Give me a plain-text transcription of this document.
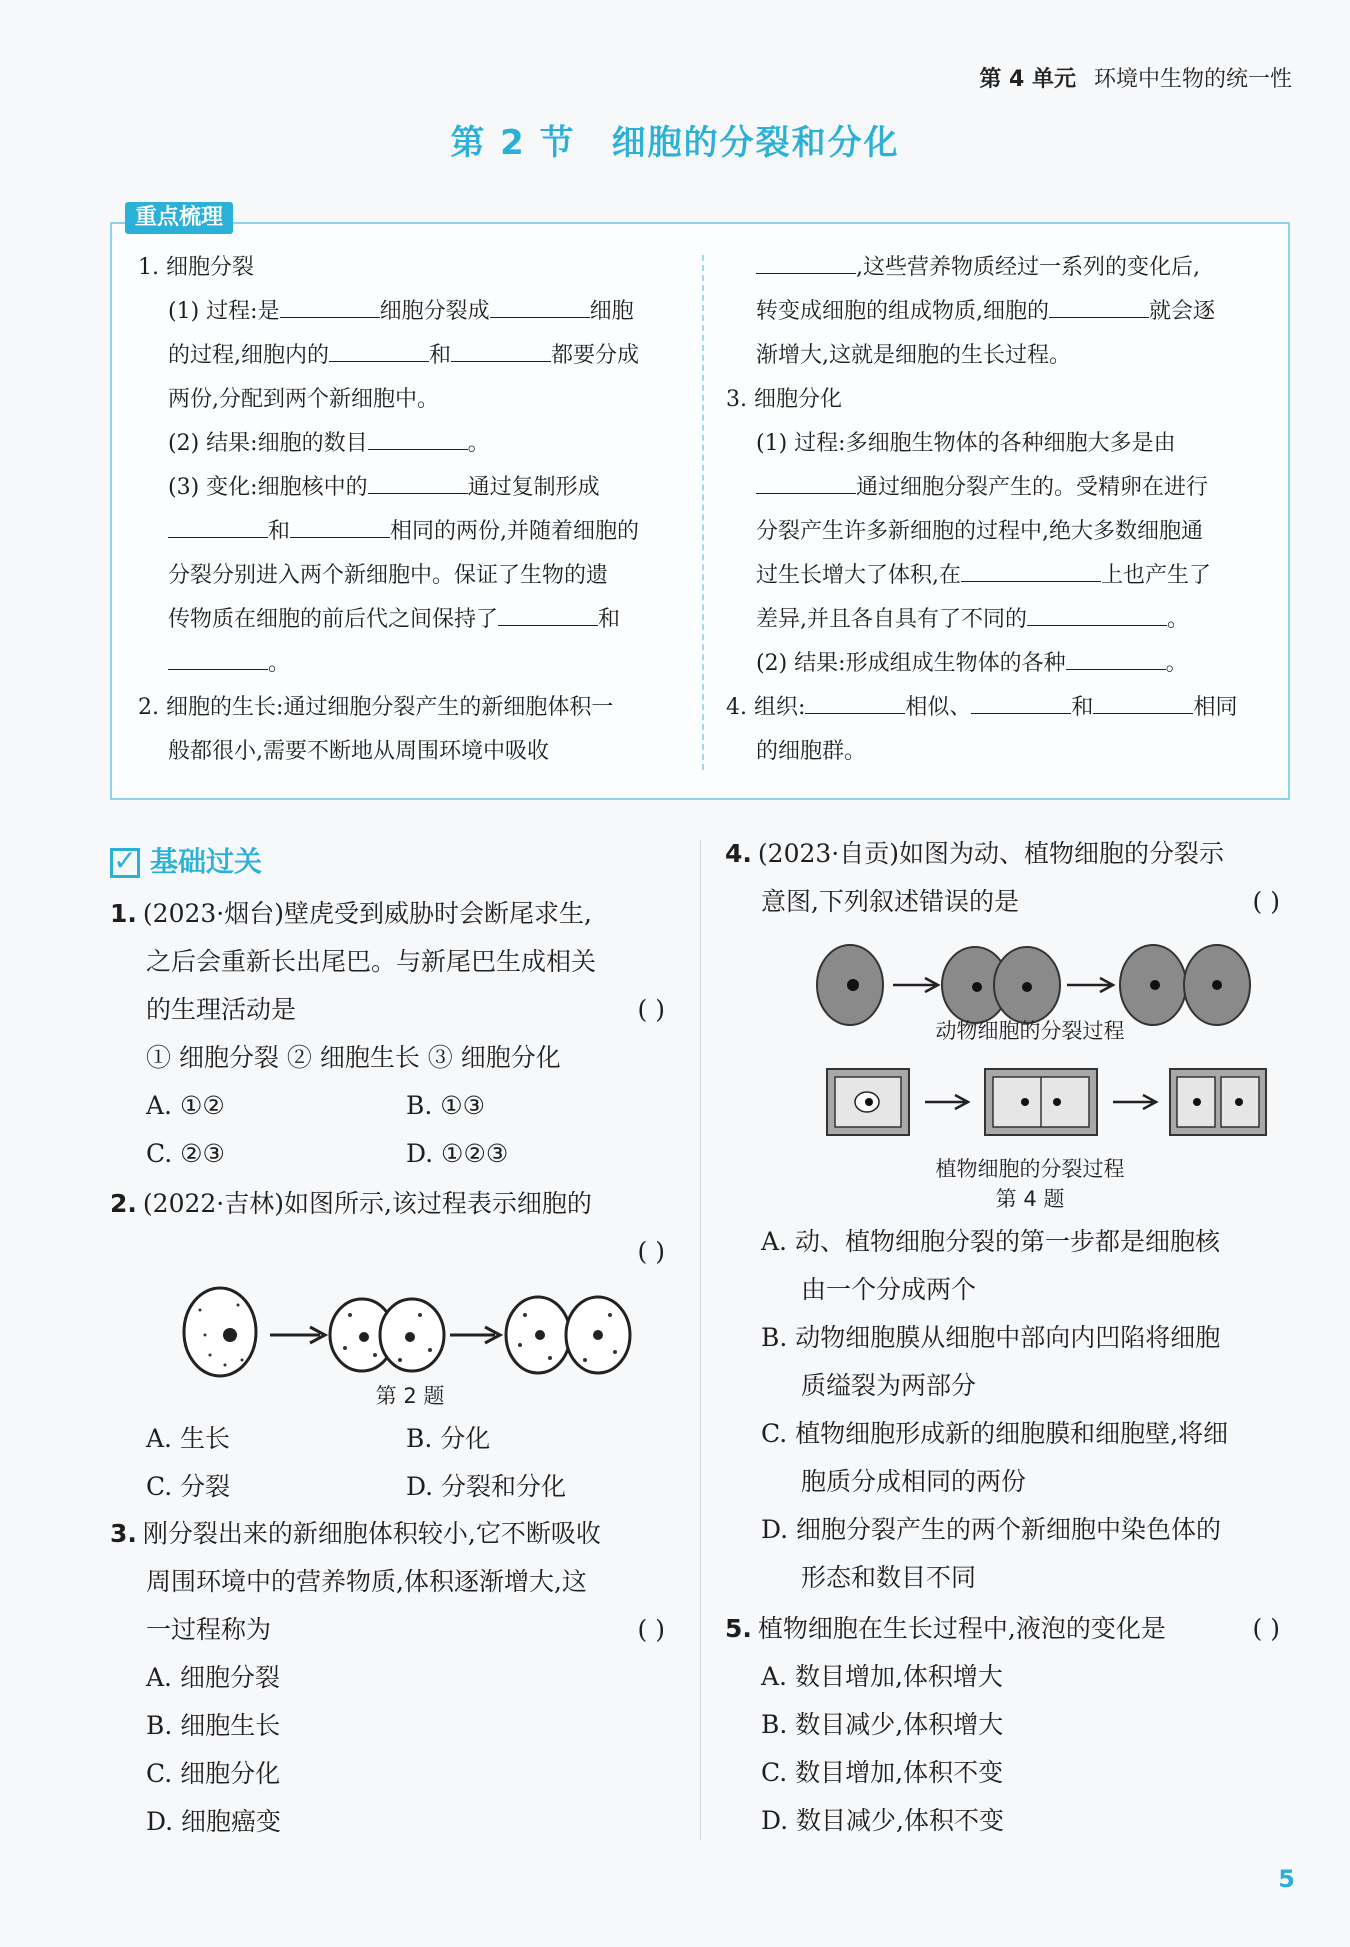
第 4 单元 环境中生物的统一性
第 2 节 细胞的分裂和分化
重点梳理

1. 细胞分裂

(1) 过程:是	细胞分裂成	细胞

的过程,细胞内的	和	都要分成

两份,分配到两个新细胞中。

(2) 结果:细胞的数目	。

(3) 变化:细胞核中的	通过复制形成

和	相同的两份,并随着细胞的

分裂分别进入两个新细胞中。保证了生物的遗

传物质在细胞的前后代之间保持了	和

。

2. 细胞的生长:通过细胞分裂产生的新细胞体积一

般都很小,需要不断地从周围环境中吸收

,这些营养物质经过一系列的变化后,

转变成细胞的组成物质,细胞的	就会逐

渐增大,这就是细胞的生长过程。

3. 细胞分化

(1) 过程:多细胞生物体的各种细胞大多是由

通过细胞分裂产生的。受精卵在进行

分裂产生许多新细胞的过程中,绝大多数细胞通

过生长增大了体积,在	上也产生了

差异,并且各自具有了不同的	。

(2) 结果:形成组成生物体的各种	。

4. 组织:	相似、	和	相同

的细胞群。

✓ 基础过关

1. (2023·烟台)壁虎受到威胁时会断尾求生,

之后会重新长出尾巴。与新尾巴生成相关

的生理活动是	( )

① 细胞分裂 ② 细胞生长 ③ 细胞分化

A. ①②	B. ①③
C. ②③	D. ①②③

2. (2022·吉林)如图所示,该过程表示细胞的

( )

第 2 题
A. 生长	B. 分化
C. 分裂	D. 分裂和分化

3. 刚分裂出来的新细胞体积较小,它不断吸收

周围环境中的营养物质,体积逐渐增大,这

一过程称为	( )

A. 细胞分裂

B. 细胞生长

C. 细胞分化

D. 细胞癌变

4. (2023·自贡)如图为动、植物细胞的分裂示

意图,下列叙述错误的是	( )

动物细胞的分裂过程
植物细胞的分裂过程
第 4 题

A. 动、植物细胞分裂的第一步都是细胞核

由一个分成两个

B. 动物细胞膜从细胞中部向内凹陷将细胞

质缢裂为两部分

C. 植物细胞形成新的细胞膜和细胞壁,将细

胞质分成相同的两份

D. 细胞分裂产生的两个新细胞中染色体的

形态和数目不同

5. 植物细胞在生长过程中,液泡的变化是	( )

A. 数目增加,体积增大

B. 数目减少,体积增大

C. 数目增加,体积不变

D. 数目减少,体积不变

5
